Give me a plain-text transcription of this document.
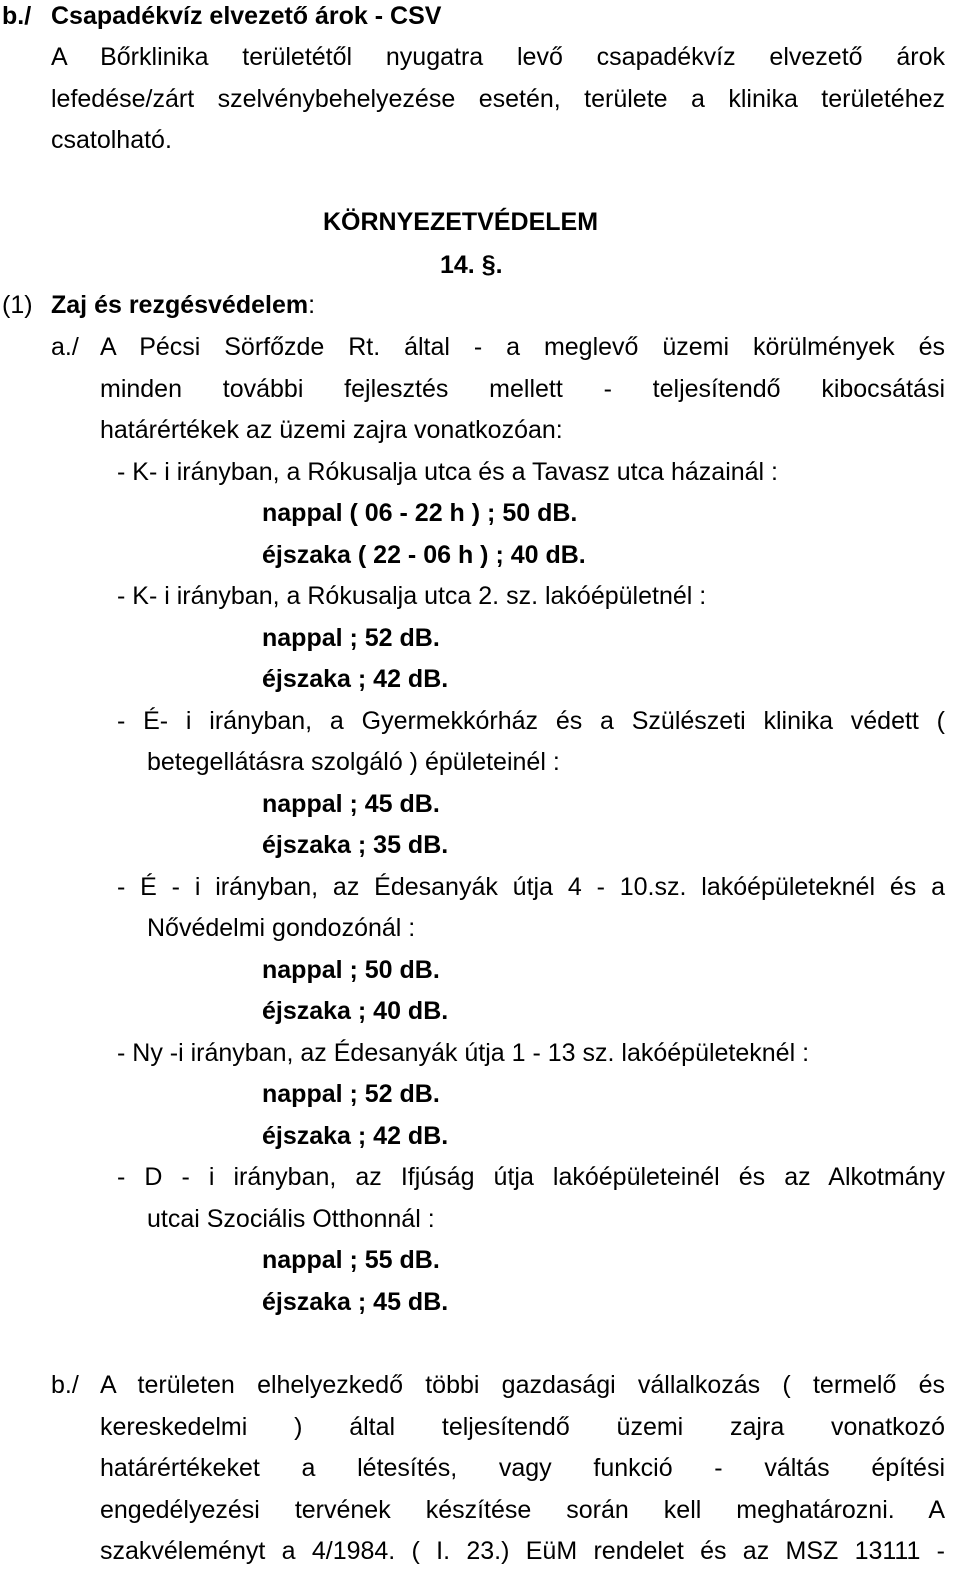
b./ Csapadékvíz elvezető árok - CSV
A Bőrklinika területétől nyugatra levő csapadékvíz elvezető árok
lefedése/zárt szelvénybehelyezése esetén, területe a klinika területéhez
csatolható.
KÖRNYEZETVÉDELEM
14. §.
(1) Zaj és rezgésvédelem:
a./ A Pécsi Sörfőzde Rt. által - a meglevő üzemi körülmények és
minden további fejlesztés mellett - teljesítendő kibocsátási
határértékek az üzemi zajra vonatkozóan:
- K- i irányban, a Rókusalja utca és a Tavasz utca házainál :
nappal ( 06 - 22 h ) ; 50 dB.
éjszaka ( 22 - 06 h ) ; 40 dB.
- K- i irányban, a Rókusalja utca 2. sz. lakóépületnél :
nappal ; 52 dB.
éjszaka ; 42 dB.
- É- i irányban, a Gyermekkórház és a Szülészeti klinika védett (
betegellátásra szolgáló ) épületeinél :
nappal ; 45 dB.
éjszaka ; 35 dB.
- É - i irányban, az Édesanyák útja 4 - 10.sz. lakóépületeknél és a
Nővédelmi gondozónál :
nappal ; 50 dB.
éjszaka ; 40 dB.
- Ny -i irányban, az Édesanyák útja 1 - 13 sz. lakóépületeknél :
nappal ; 52 dB.
éjszaka ; 42 dB.
- D - i irányban, az Ifjúság útja lakóépületeinél és az Alkotmány
utcai Szociális Otthonnál :
nappal ; 55 dB.
éjszaka ; 45 dB.
b./ A területen elhelyezkedő többi gazdasági vállalkozás ( termelő és
kereskedelmi ) által teljesítendő üzemi zajra vonatkozó
határértékeket a létesítés, vagy funkció - váltás építési
engedélyezési tervének készítése során kell meghatározni. A
szakvéleményt a 4/1984. ( I. 23.) EüM rendelet és az MSZ 13111 -
